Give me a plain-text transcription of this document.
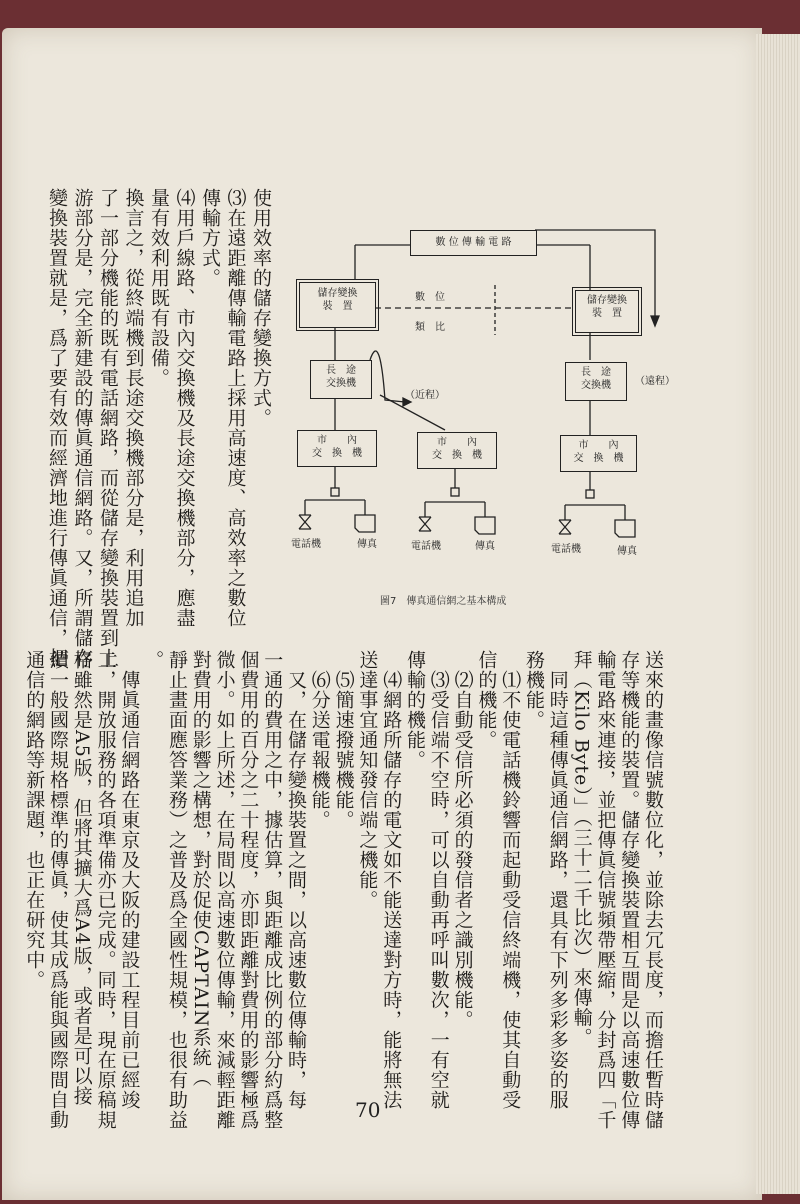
使用效率的儲存變換方式。
⑶在遠距離傳輸電路上採用高速度、高效率之數位
傳輸方式。
⑷用戶線路、市內交換機及長途交換機部分，應盡
量有效利用既有設備。
換言之，從終端機到長途交換機部分是，利用追加
了一部分機能的既有電話網路，而從儲存變換裝置到上
游部分是，完全新建設的傳眞通信網路。又，所謂儲存
變換裝置就是，爲了要有效而經濟地進行傳眞通信，把	數 位 傳 輸 電 路
儲存變換
裝　置
儲存變換
裝　置
數　位
類　比
長　途
交換機
長　途
交換機
（近程）
（遠程）
市　　內
交　換　機
市　　內
交　換　機
市　　內
交　換　機
電話機	傳真	電話機	傳真	電話機	傳真
圖7　傳真通信網之基本構成
送來的畫像信號數位化，並除去冗長度，而擔任暫時儲
存等機能的裝置。儲存變換裝置相互間是以高速數位傳
輸電路來連接，並把傳眞信號頻帶壓縮，分封爲四「千
拜（Kilo Byte）」（三十二千比次）來傳輸。
　同時這種傳眞通信網路，還具有下列多彩多姿的服
務機能。
　⑴不使電話機鈴響而起動受信終端機，使其自動受
信的機能。
　⑵自動受信所必須的發信者之識別機能。
　⑶受信端不空時，可以自動再呼叫數次，一有空就
傳輸的機能。
　⑷網路所儲存的電文如不能送達對方時，能將無法
送達事宜通知發信端之機能。
　⑸簡速撥號機能。
　⑹分送電報機能。
　又，在儲存變換裝置之間，以高速數位傳輸時，每
一通的費用之中，據估算，與距離成比例的部分約爲整
個費用的百分之二十程度，亦即距離對費用的影響極爲
微小。如上所述，在局間以高速數位傳輸，來減輕距離
對費用的影響之構想，對於促使CAPTAIN系統（
靜止畫面應答業務）之普及爲全國性規模，也很有助益
。
　傳眞通信網路在東京及大阪的建設工程目前已經竣
工，開放服務的各項準備亦已完成。同時，現在原稿規
格雖然是A5版，但將其擴大爲A4版，或者是可以接
續一般國際規格標準的傳眞，使其成爲能與國際間自動
通信的網路等新課題，也正在研究中。
70
